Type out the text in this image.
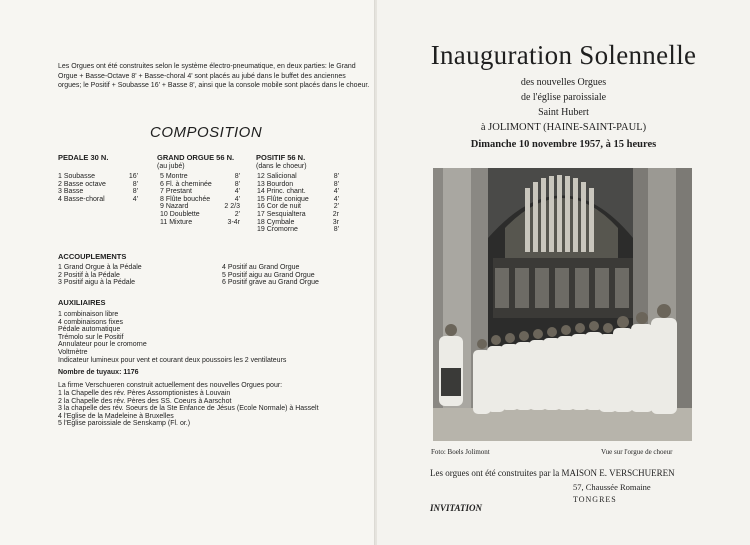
Les Orgues ont été construites selon le système électro-pneumatique, en deux parties: le Grand Orgue + Basse-Octave 8' + Basse-choral 4' sont placés au jubé dans le buffet des anciennes orgues; le Positif + Soubasse 16' + Basse 8', ainsi que la console mobile sont placés dans le choeur.
COMPOSITION
PEDALE 30 N.
1 Soubasse	16'
2 Basse octave	8'
3 Basse	8'
4 Basse-choral	4'
GRAND ORGUE 56 N.
(au jubé)
5 Montre	8'
6 Fl. à cheminée	8'
7 Prestant	4'
8 Flûte bouchée	4'
9 Nazard	2 2/3
10 Doublette	2'
11 Mixture	3-4r
POSITIF 56 N.
(dans le choeur)
12 Salicional	8'
13 Bourdon	8'
14 Princ. chant.	4'
15 Flûte conique	4'
16 Cor de nuit	2'
17 Sesquialtera	2r
18 Cymbale	3r
19 Cromorne	8'
ACCOUPLEMENTS
1 Grand Orgue à la Pédale
2 Positif à la Pédale
3 Positif aigu à la Pédale
4 Positif au Grand Orgue
5 Positif aigu au Grand Orgue
6 Positif grave au Grand Orgue
AUXILIAIRES
1 combinaison libre
4 combinaisons fixes
Pédale automatique
Trémolo sur le Positif
Annulateur pour le cromorne
Voltmètre
Indicateur lumineux pour vent et courant deux poussoirs les 2 ventilateurs
Nombre de tuyaux: 1176
La firme Verschueren construit actuellement des nouvelles Orgues pour:
1 la Chapelle des rév. Pères Assomptionistes à Louvain
2 la Chapelle des rév. Pères des SS. Coeurs à Aarschot
3 la chapelle des rév. Soeurs de la Ste Enfance de Jésus (Ecole Normale) à Hasselt
4 l'Eglise de la Madeleine à Bruxelles
5 l'Eglise paroissiale de Senskamp (Fl. or.)
Inauguration Solennelle
des nouvelles Orgues
de l'église paroissiale
Saint Hubert
à JOLIMONT (HAINE-SAINT-PAUL)
Dimanche 10 novembre 1957, à 15 heures
Foto: Boels Jolimont	Vue sur l'orgue de choeur
Les orgues ont été construites par la MAISON E. VERSCHUEREN
57, Chaussée Romaine
TONGRES
INVITATION
